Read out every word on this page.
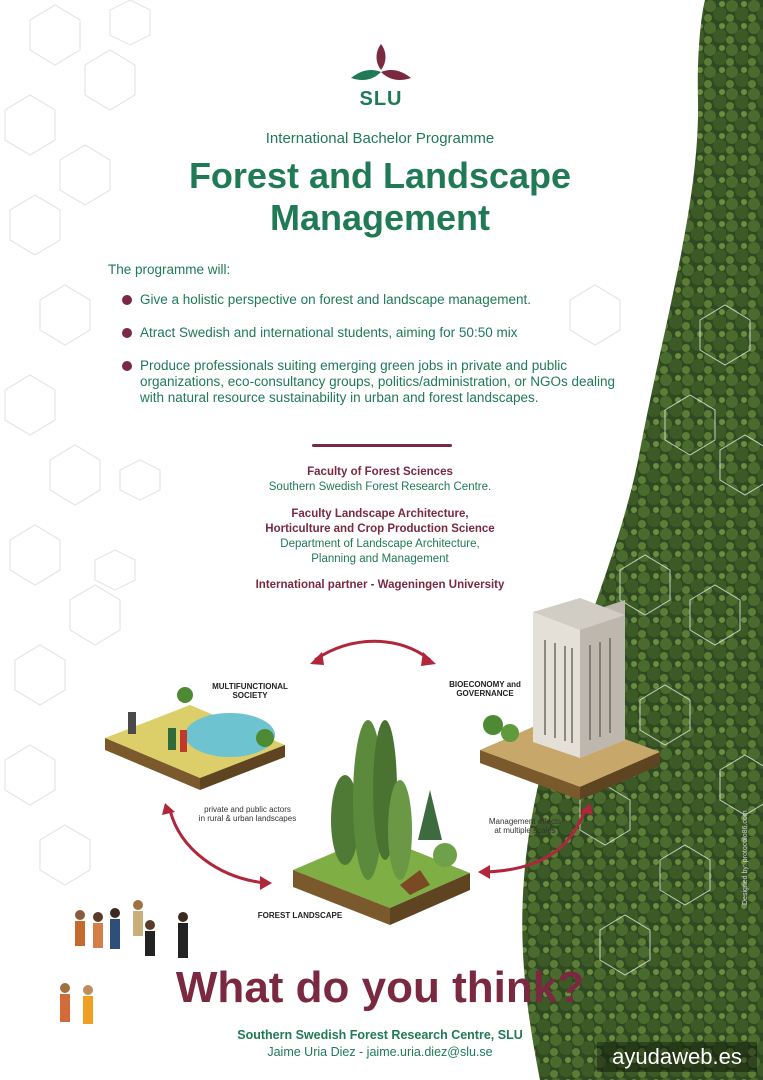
SLU
International Bachelor Programme
Forest and Landscape
Management
The programme will:
Give a holistic perspective on forest and landscape management.
Atract Swedish and international students, aiming for 50:50 mix
Produce professionals suiting emerging green jobs in private and public organizations, eco-consultancy groups, politics/administration, or NGOs dealing with natural resource sustainability in urban and forest landscapes.
Faculty of Forest Sciences
Southern Swedish Forest Research Centre.
Faculty Landscape Architecture,
Horticulture and Crop Production Science
Department of Landscape Architecture,
Planning and Management
International partner - Wageningen University
MULTIFUNCTIONAL
SOCIETY
BIOECONOMY and
GOVERNANCE
FOREST LANDSCAPE
private and public actors
in rural & urban landscapes	Management effects
at multiple scales
What do you think?
Southern Swedish Forest Research Centre, SLU
Jaime Uria Diez - jaime.uria.diez@slu.se
Designed by: protocolo86.com
ayudaweb.es
